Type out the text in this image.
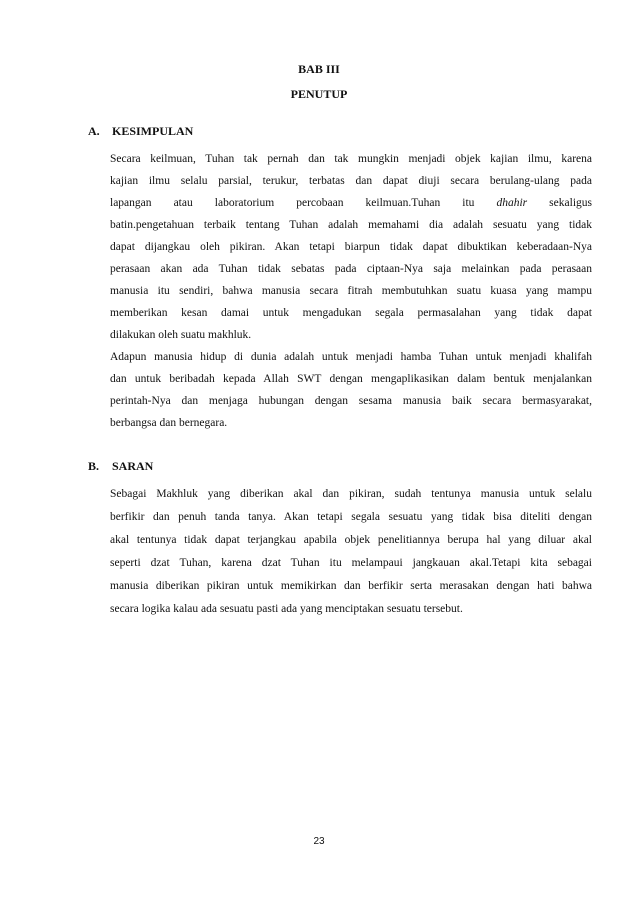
BAB III
PENUTUP
A. KESIMPULAN
Secara keilmuan, Tuhan tak pernah dan tak mungkin menjadi objek kajian ilmu, karena
kajian ilmu selalu parsial, terukur, terbatas dan dapat diuji secara berulang-ulang pada
lapangan atau laboratorium percobaan keilmuan.Tuhan itu dhahir sekaligus
batin.pengetahuan terbaik tentang Tuhan adalah memahami dia adalah sesuatu yang tidak
dapat dijangkau oleh pikiran. Akan tetapi biarpun tidak dapat dibuktikan keberadaan-Nya
perasaan akan ada Tuhan tidak sebatas pada ciptaan-Nya saja melainkan pada perasaan
manusia itu sendiri, bahwa manusia secara fitrah membutuhkan suatu kuasa yang mampu
memberikan kesan damai untuk mengadukan segala permasalahan yang tidak dapat
dilakukan oleh suatu makhluk.
Adapun manusia hidup di dunia adalah untuk menjadi hamba Tuhan untuk menjadi khalifah
dan untuk beribadah kepada Allah SWT dengan mengaplikasikan dalam bentuk menjalankan
perintah-Nya dan menjaga hubungan dengan sesama manusia baik secara bermasyarakat,
berbangsa dan bernegara.
B. SARAN
Sebagai Makhluk yang diberikan akal dan pikiran, sudah tentunya manusia untuk selalu
berfikir dan penuh tanda tanya. Akan tetapi segala sesuatu yang tidak bisa diteliti dengan
akal tentunya tidak dapat terjangkau apabila objek penelitiannya berupa hal yang diluar akal
seperti dzat Tuhan, karena dzat Tuhan itu melampaui jangkauan akal.Tetapi kita sebagai
manusia diberikan pikiran untuk memikirkan dan berfikir serta merasakan dengan hati bahwa
secara logika kalau ada sesuatu pasti ada yang menciptakan sesuatu tersebut.
23
